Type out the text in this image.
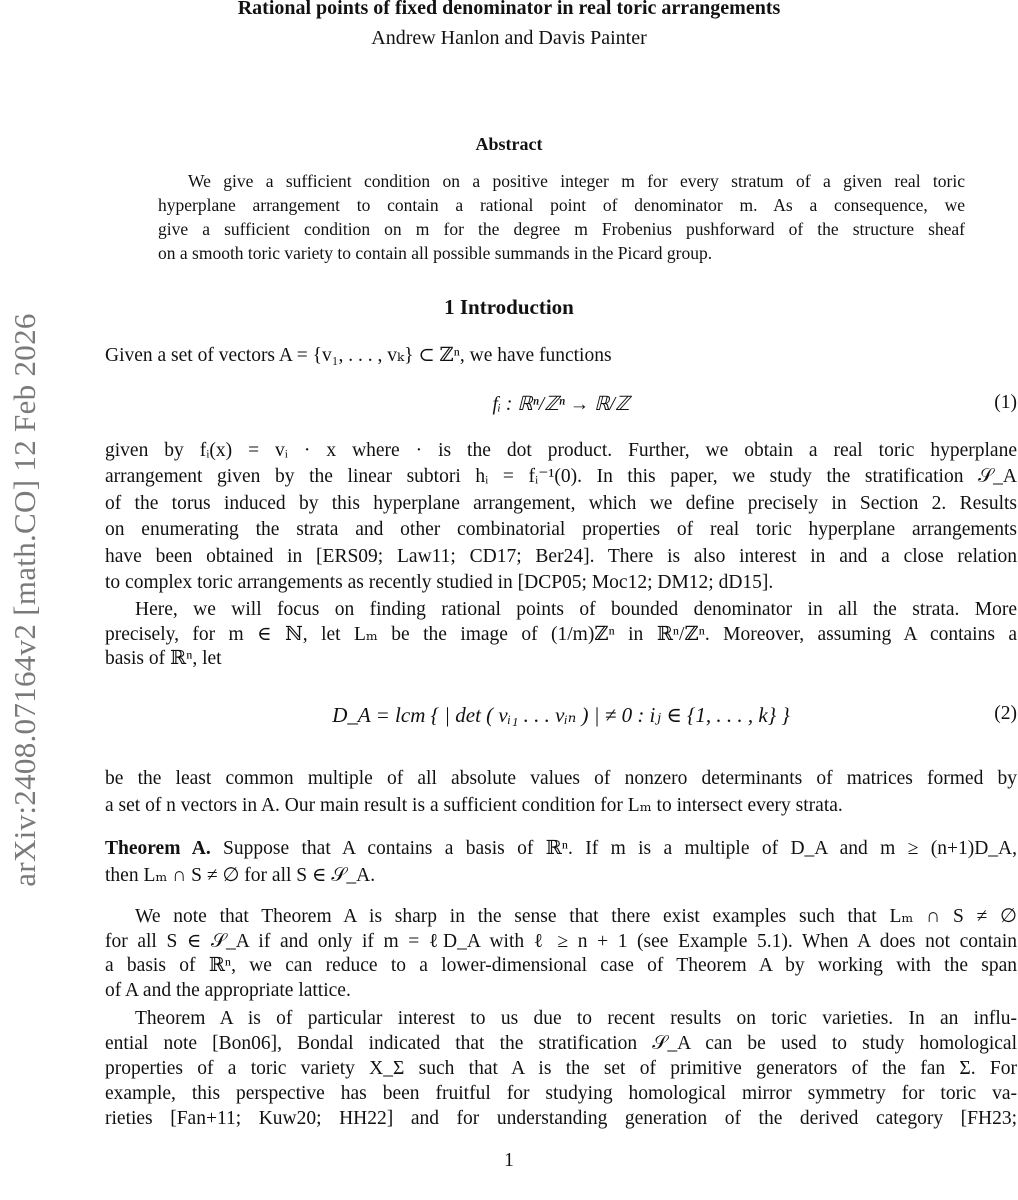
arXiv:2408.07164v2 [math.CO] 12 Feb 2026
Rational points of fixed denominator in real toric arrangements
Andrew Hanlon and Davis Painter
Abstract
We give a sufficient condition on a positive integer m for every stratum of a given real toric
hyperplane arrangement to contain a rational point of denominator m. As a consequence, we
give a sufficient condition on m for the degree m Frobenius pushforward of the structure sheaf
on a smooth toric variety to contain all possible summands in the Picard group.
1 Introduction
Given a set of vectors A = {v₁, . . . , vₖ} ⊂ ℤⁿ, we have functions
fᵢ : ℝⁿ/ℤⁿ → ℝ/ℤ	(1)
given by fᵢ(x) = vᵢ · x where · is the dot product. Further, we obtain a real toric hyperplane
arrangement given by the linear subtori hᵢ = fᵢ⁻¹(0). In this paper, we study the stratification 𝒮_A
of the torus induced by this hyperplane arrangement, which we define precisely in Section 2. Results
on enumerating the strata and other combinatorial properties of real toric hyperplane arrangements
have been obtained in [ERS09; Law11; CD17; Ber24]. There is also interest in and a close relation
to complex toric arrangements as recently studied in [DCP05; Moc12; DM12; dD15].
Here, we will focus on finding rational points of bounded denominator in all the strata. More
precisely, for m ∈ ℕ, let Lₘ be the image of (1/m)ℤⁿ in ℝⁿ/ℤⁿ. Moreover, assuming A contains a
basis of ℝⁿ, let
D_A = lcm { | det ( vᵢ₁ . . . vᵢₙ ) | ≠ 0 : iⱼ ∈ {1, . . . , k} }	(2)
be the least common multiple of all absolute values of nonzero determinants of matrices formed by
a set of n vectors in A. Our main result is a sufficient condition for Lₘ to intersect every strata.
Theorem A. Suppose that A contains a basis of ℝⁿ. If m is a multiple of D_A and m ≥ (n+1)D_A,
then Lₘ ∩ S ≠ ∅ for all S ∈ 𝒮_A.
We note that Theorem A is sharp in the sense that there exist examples such that Lₘ ∩ S ≠ ∅
for all S ∈ 𝒮_A if and only if m = ℓD_A with ℓ ≥ n + 1 (see Example 5.1). When A does not contain
a basis of ℝⁿ, we can reduce to a lower-dimensional case of Theorem A by working with the span
of A and the appropriate lattice.
Theorem A is of particular interest to us due to recent results on toric varieties. In an influ-
ential note [Bon06], Bondal indicated that the stratification 𝒮_A can be used to study homological
properties of a toric variety X_Σ such that A is the set of primitive generators of the fan Σ. For
example, this perspective has been fruitful for studying homological mirror symmetry for toric va-
rieties [Fan+11; Kuw20; HH22] and for understanding generation of the derived category [FH23;
1
